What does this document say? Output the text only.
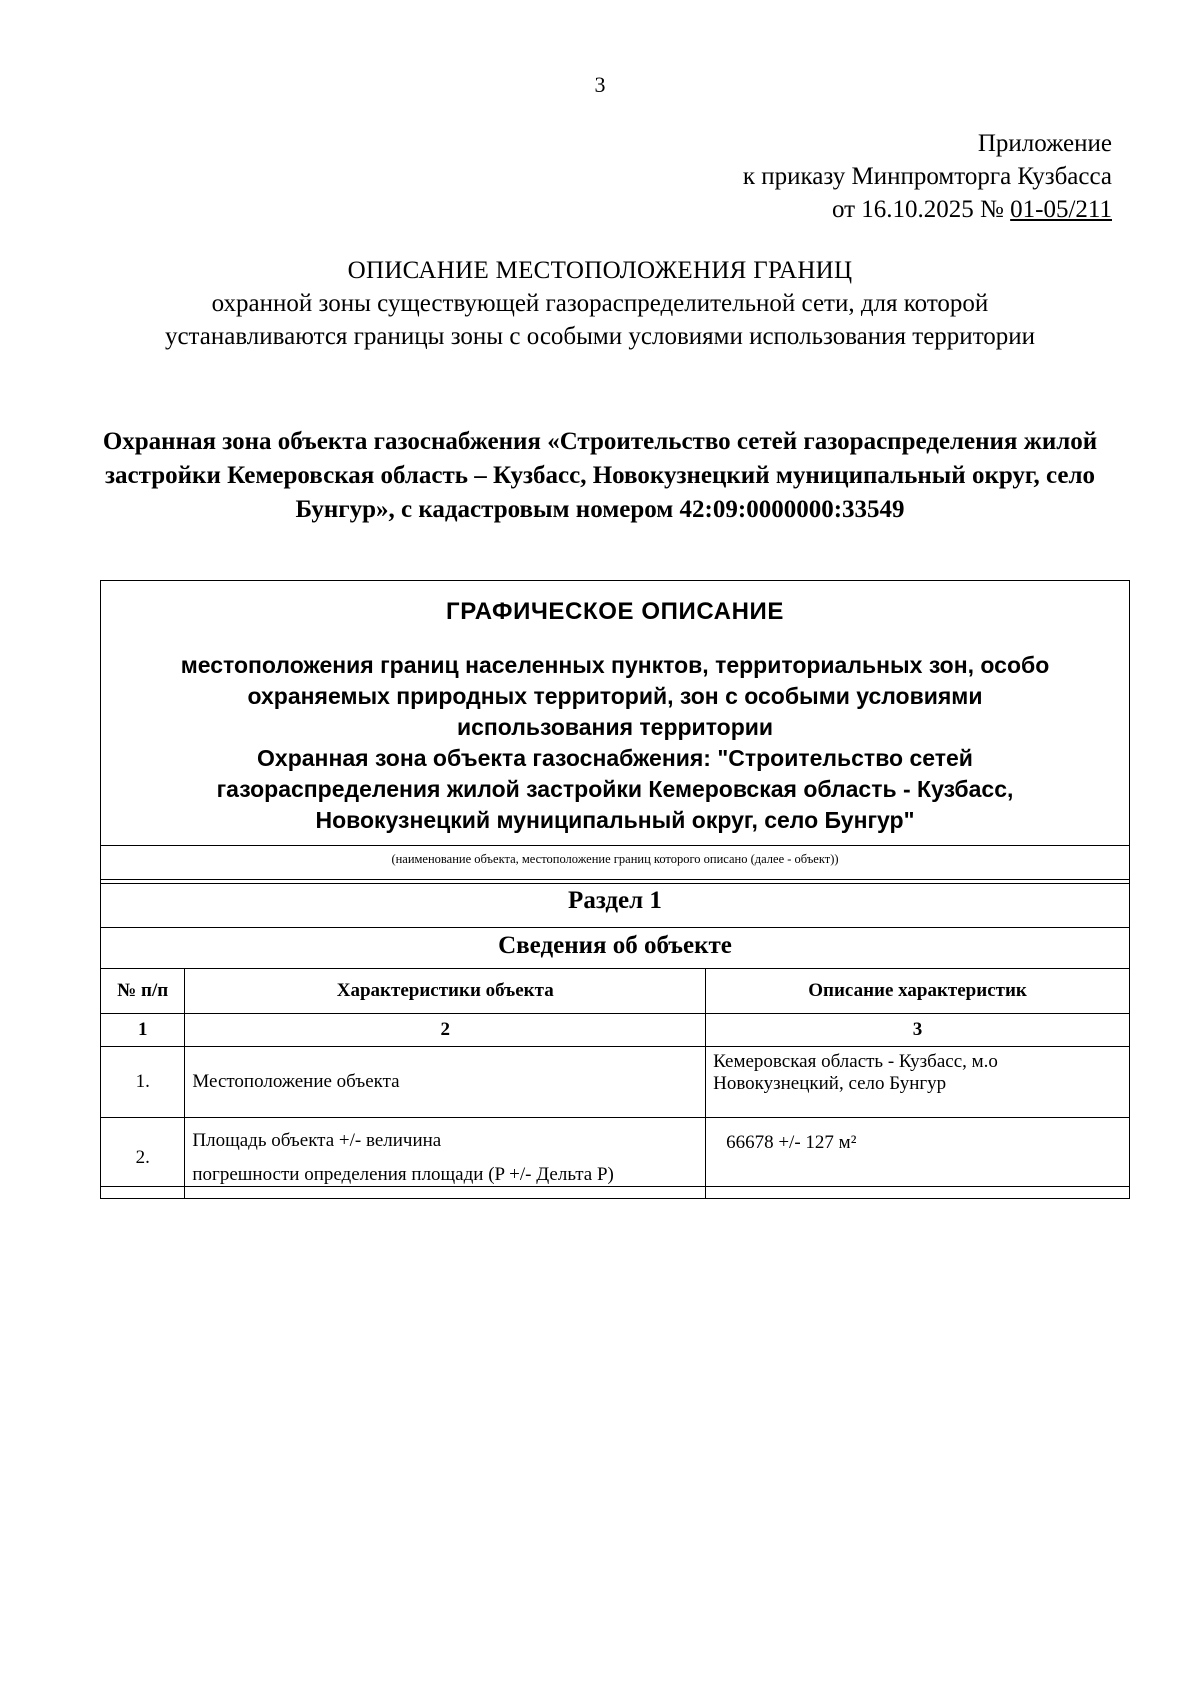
3
Приложение
к приказу Минпромторга Кузбасса
от 16.10.2025 № 01-05/211
ОПИСАНИЕ МЕСТОПОЛОЖЕНИЯ ГРАНИЦ
охранной зоны существующей газораспределительной сети, для которой устанавливаются границы зоны с особыми условиями использования территории
Охранная зона объекта газоснабжения «Строительство сетей газораспределения жилой застройки Кемеровская область – Кузбасс, Новокузнецкий муниципальный округ, село Бунгур», с кадастровым номером 42:09:0000000:33549
ГРАФИЧЕСКОЕ ОПИСАНИЕ
местоположения границ населенных пунктов, территориальных зон, особо
охраняемых природных территорий, зон с особыми условиями
использования территории
Охранная зона объекта газоснабжения: "Строительство сетей
газораспределения жилой застройки Кемеровская область - Кузбасс,
Новокузнецкий муниципальный округ, село Бунгур"
(наименование объекта, местоположение границ которого описано (далее - объект))
Раздел 1
Сведения об объекте
№ п/п	Характеристики объекта	Описание характеристик
1	2	3
1.	Местоположение объекта	Кемеровская область - Кузбасс, м.о
Новокузнецкий, село Бунгур

2.	Площадь объекта +/- величина
погрешности определения площади (P +/- Дельта P)	66678 +/- 127 м²
